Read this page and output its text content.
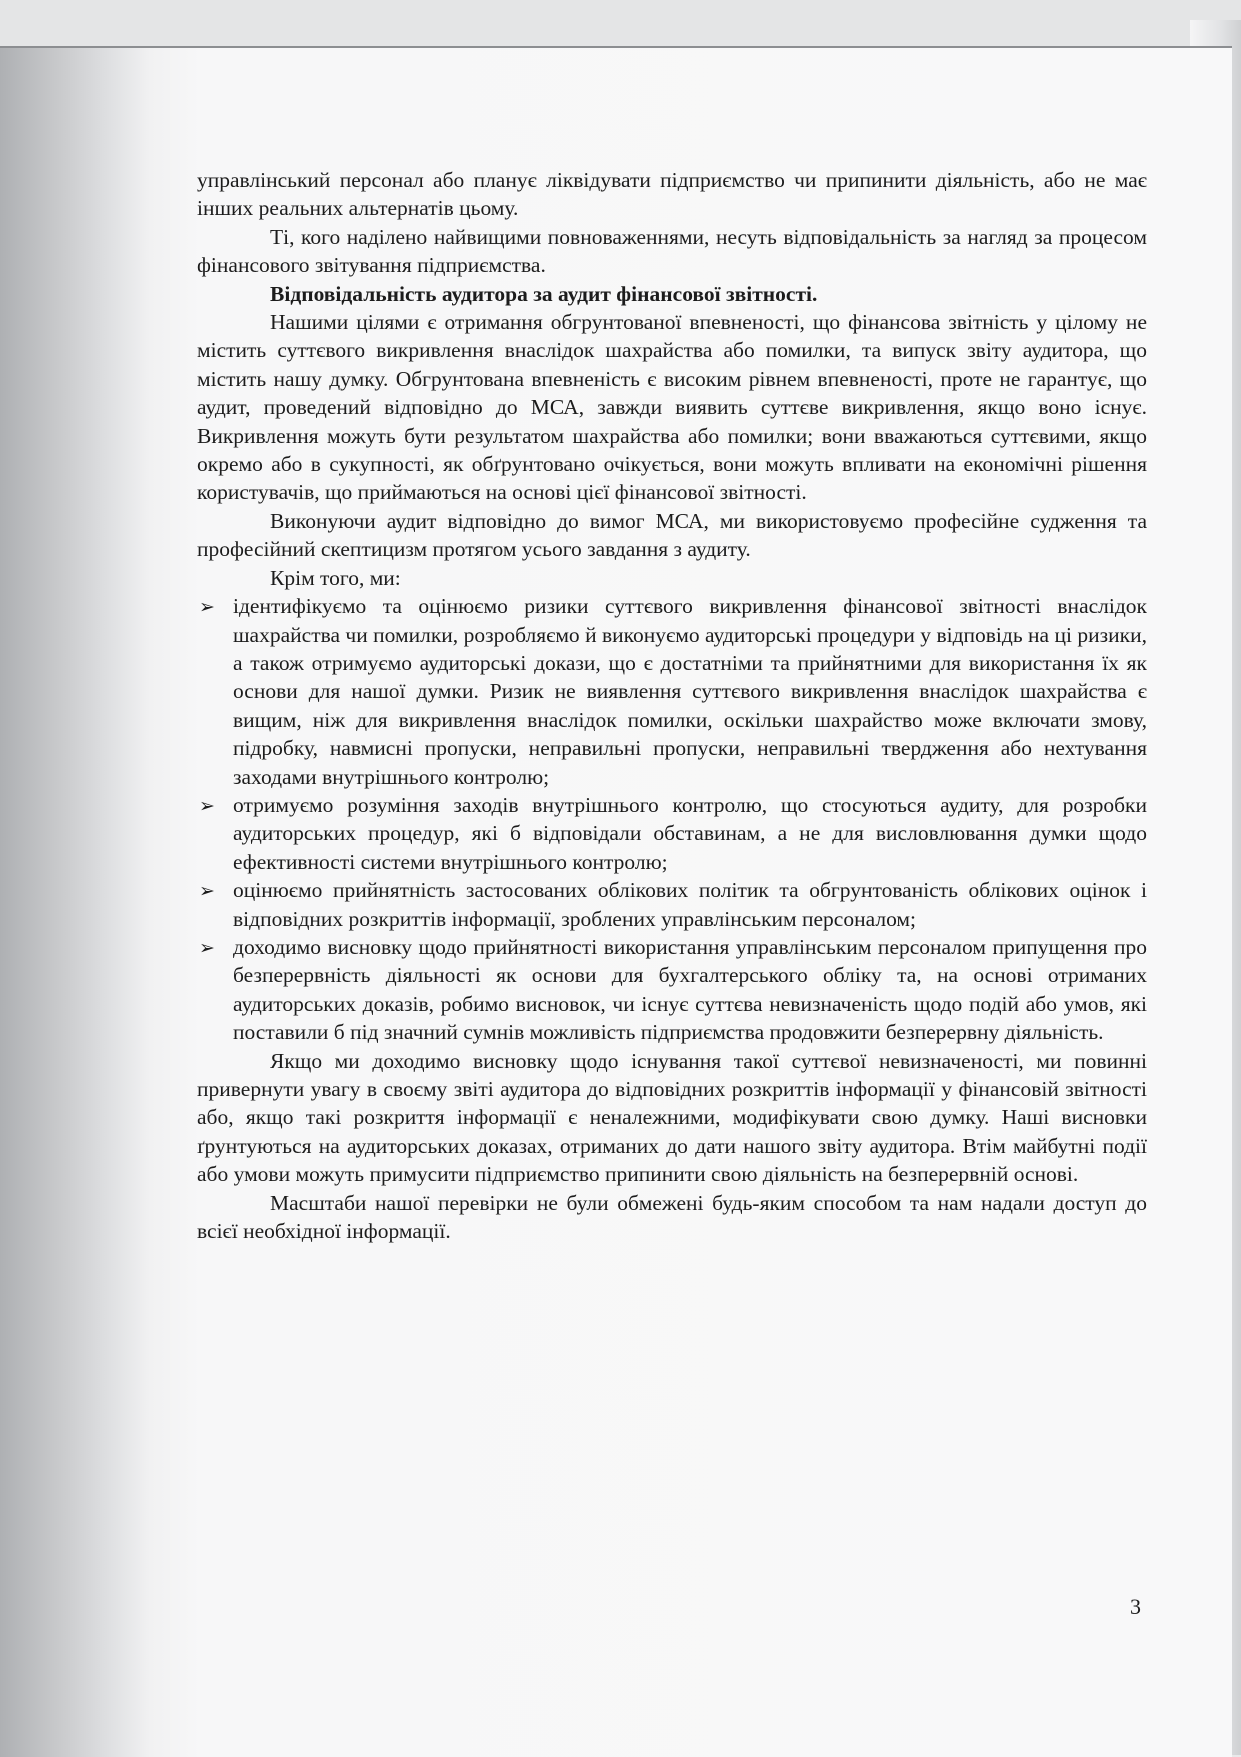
управлінський персонал або планує ліквідувати підприємство чи припинити діяльність, або не має інших реальних альтернатів цьому.

Ті, кого наділено найвищими повноваженнями, несуть відповідальність за нагляд за процесом фінансового звітування підприємства.

Відповідальність аудитора за аудит фінансової звітності.

Нашими цілями є отримання обгрунтованої впевненості, що фінансова звітність у цілому не містить суттєвого викривлення внаслідок шахрайства або помилки, та випуск звіту аудитора, що містить нашу думку. Обгрунтована впевненість є високим рівнем впевненості, проте не гарантує, що аудит, проведений відповідно до МСА, завжди виявить суттєве викривлення, якщо воно існує. Викривлення можуть бути результатом шахрайства або помилки; вони вважаються суттєвими, якщо окремо або в сукупності, як обґрунтовано очікується, вони можуть впливати на економічні рішення користувачів, що приймаються на основі цієї фінансової звітності.

Виконуючи аудит відповідно до вимог МСА, ми використовуємо професійне судження та професійний скептицизм протягом усього завдання з аудиту.

Крім того, ми:

➢ ідентифікуємо та оцінюємо ризики суттєвого викривлення фінансової звітності внаслідок шахрайства чи помилки, розробляємо й виконуємо аудиторські процедури у відповідь на ці ризики, а також отримуємо аудиторські докази, що є достатніми та прийнятними для використання їх як основи для нашої думки. Ризик не виявлення суттєвого викривлення внаслідок шахрайства є вищим, ніж для викривлення внаслідок помилки, оскільки шахрайство може включати змову, підробку, навмисні пропуски, неправильні пропуски, неправильні твердження або нехтування заходами внутрішнього контролю;
➢ отримуємо розуміння заходів внутрішнього контролю, що стосуються аудиту, для розробки аудиторських процедур, які б відповідали обставинам, а не для висловлювання думки щодо ефективності системи внутрішнього контролю;
➢ оцінюємо прийнятність застосованих облікових політик та обгрунтованість облікових оцінок і відповідних розкриттів інформації, зроблених управлінським персоналом;
➢ доходимо висновку щодо прийнятності використання управлінським персоналом припущення про безперервність діяльності як основи для бухгалтерського обліку та, на основі отриманих аудиторських доказів, робимо висновок, чи існує суттєва невизначеність щодо подій або умов, які поставили б під значний сумнів можливість підприємства продовжити безперервну діяльність.

Якщо ми доходимо висновку щодо існування такої суттєвої невизначеності, ми повинні привернути увагу в своєму звіті аудитора до відповідних розкриттів інформації у фінансовій звітності або, якщо такі розкриття інформації є неналежними, модифікувати свою думку. Наші висновки ґрунтуються на аудиторських доказах, отриманих до дати нашого звіту аудитора. Втім майбутні події або умови можуть примусити підприємство припинити свою діяльність на безперервній основі.

Масштаби нашої перевірки не були обмежені будь-яким способом та нам надали доступ до всієї необхідної інформації.

3
